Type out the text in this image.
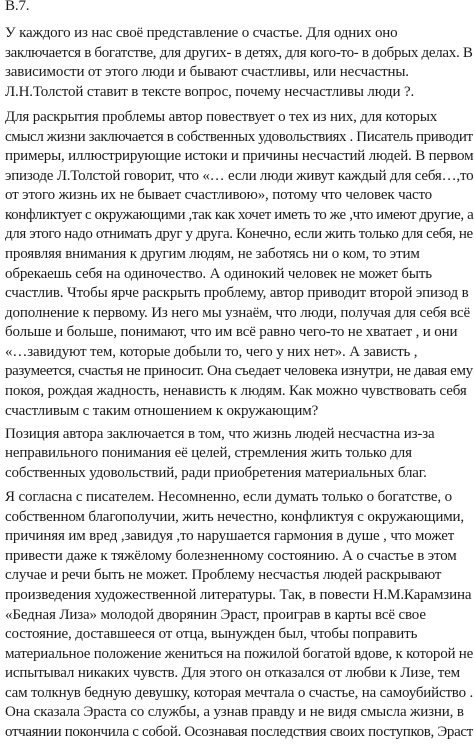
В.7.
У каждого из нас своё представление о счастье. Для одних оно
заключается в богатстве, для других- в детях, для кого-то- в добрых делах. В
зависимости от этого люди и бывают счастливы, или несчастны.
Л.Н.Толстой ставит в тексте вопрос, почему несчастливы люди ?.
Для раскрытия проблемы автор повествует о тех из них, для которых
смысл жизни заключается в собственных удовольствиях . Писатель приводит
примеры, иллюстрирующие истоки и причины несчастий людей. В первом
эпизоде Л.Толстой говорит, что «… если люди живут каждый для себя…,то
от этого жизнь их не бывает счастливою», потому что человек часто
конфликтует с окружающими ,так как хочет иметь то же ,что имеют другие, а
для этого надо отнимать друг у друга. Конечно, если жить только для себя, не
проявляя внимания к другим людям, не заботясь ни о ком, то этим
обрекаешь себя на одиночество. А одинокий человек не может быть
счастлив. Чтобы ярче раскрыть проблему, автор приводит второй эпизод в
дополнение к первому. Из него мы узнаём, что люди, получая для себя всё
больше и больше, понимают, что им всё равно чего-то не хватает , и они
«…завидуют тем, которые добыли то, чего у них нет». А зависть ,
разумеется, счастья не приносит. Она съедает человека изнутри, не давая ему
покоя, рождая жадность, ненависть к людям. Как можно чувствовать себя
счастливым с таким отношением к окружающим?
Позиция автора заключается в том, что жизнь людей несчастна из-за
неправильного понимания её целей, стремления жить только для
собственных удовольствий, ради приобретения материальных благ.
Я согласна с писателем. Несомненно, если думать только о богатстве, о
собственном благополучии, жить нечестно, конфликтуя с окружающими,
причиняя им вред ,завидуя ,то нарушается гармония в душе , что может
привести даже к тяжёлому болезненному состоянию. А о счастье в этом
случае и речи быть не может. Проблему несчастья людей раскрывают
произведения художественной литературы. Так, в повести Н.М.Карамзина
«Бедная Лиза» молодой дворянин Эраст, проиграв в карты всё свое
состояние, доставшееся от отца, вынужден был, чтобы поправить
материальное положение жениться на пожилой богатой вдове, к которой не
испытывал никаких чувств. Для этого он отказался от любви к Лизе, тем
сам толкнув бедную девушку, которая мечтала о счастье, на самоубийство .
Она сказала Эраста со службы, а узнав правду и не видя смысла жизни, в
отчаянии покончила с собой. Осознавая последствия своих поступков, Эраст
